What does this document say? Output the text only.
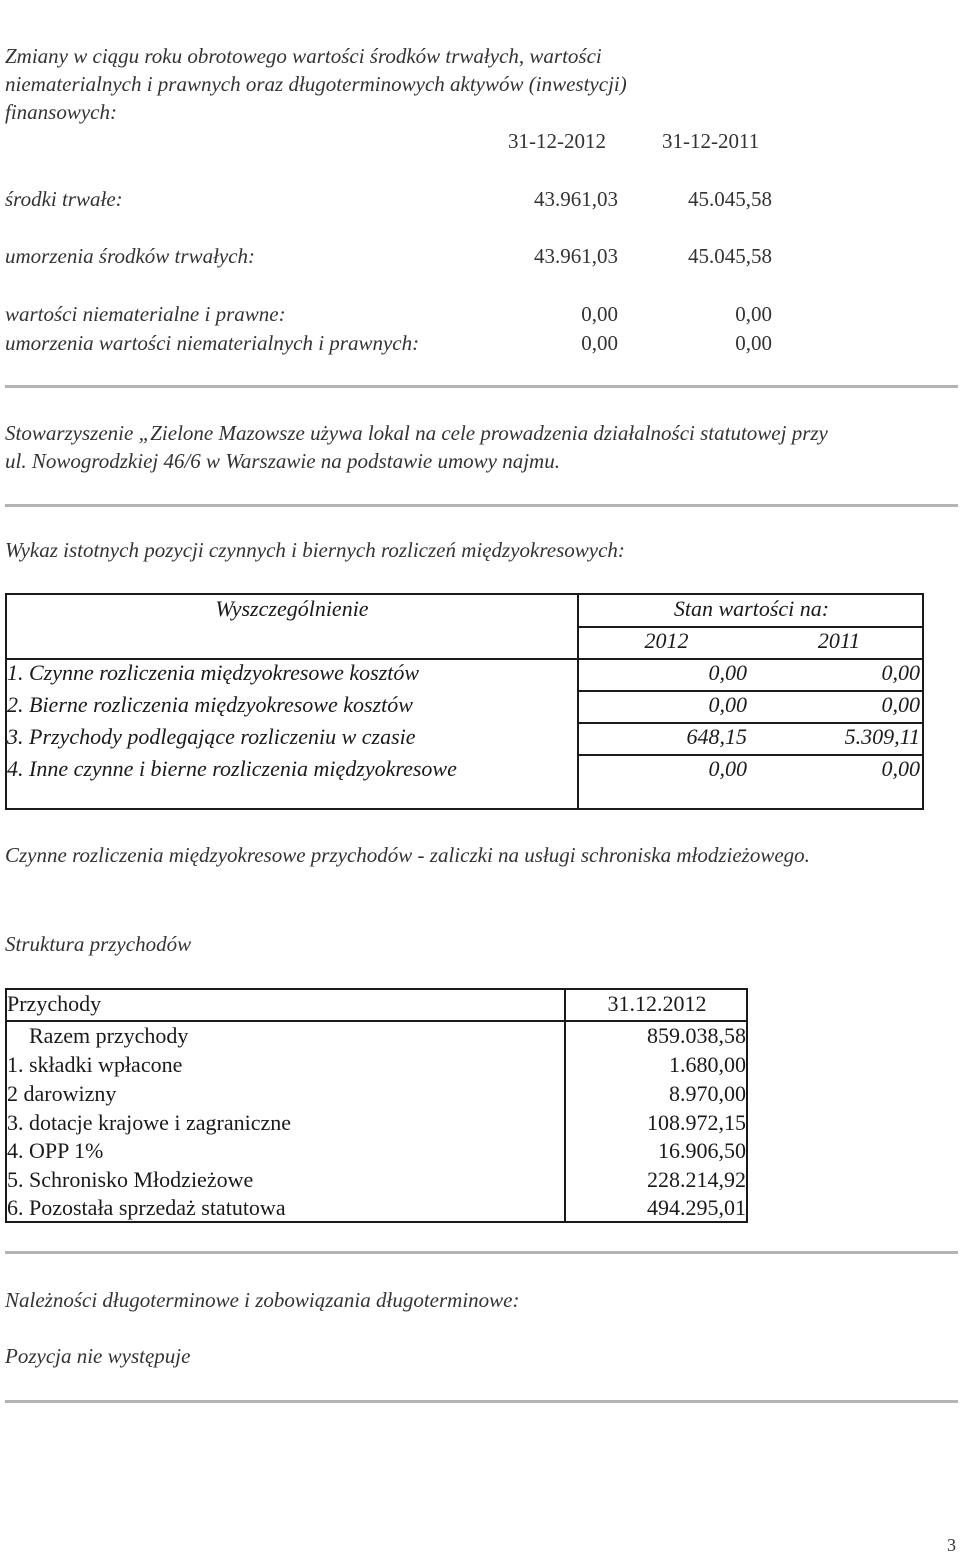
Zmiany w ciągu roku obrotowego wartości środków trwałych, wartości
niematerialnych i prawnych oraz długoterminowych aktywów (inwestycji)
finansowych:
31-12-2012	31-12-2011
środki trwałe:	43.961,03	45.045,58
umorzenia środków trwałych:	43.961,03	45.045,58
wartości niematerialne i prawne:	0,00	0,00
umorzenia wartości niematerialnych i prawnych:	0,00	0,00
Stowarzyszenie „Zielone Mazowsze używa lokal na cele prowadzenia działalności statutowej przy
ul. Nowogrodzkiej 46/6 w Warszawie na podstawie umowy najmu.
Wykaz istotnych pozycji czynnych i biernych rozliczeń międzyokresowych:
Wyszczególnienie	Stan wartości na:
2012	2011
1. Czynne rozliczenia międzyokresowe kosztów	0,00	0,00
2. Bierne rozliczenia międzyokresowe kosztów	0,00	0,00
3. Przychody podlegające rozliczeniu w czasie	648,15	5.309,11
4. Inne czynne i bierne rozliczenia międzyokresowe	0,00	0,00
Czynne rozliczenia międzyokresowe przychodów - zaliczki na usługi schroniska młodzieżowego.
Struktura przychodów
Przychody	31.12.2012
Razem przychody	859.038,58
1. składki wpłacone	1.680,00
2 darowizny	8.970,00
3. dotacje krajowe i zagraniczne	108.972,15
4. OPP 1%	16.906,50
5. Schronisko Młodzieżowe	228.214,92
6. Pozostała sprzedaż statutowa	494.295,01
Należności długoterminowe i zobowiązania długoterminowe:
Pozycja nie występuje
3
